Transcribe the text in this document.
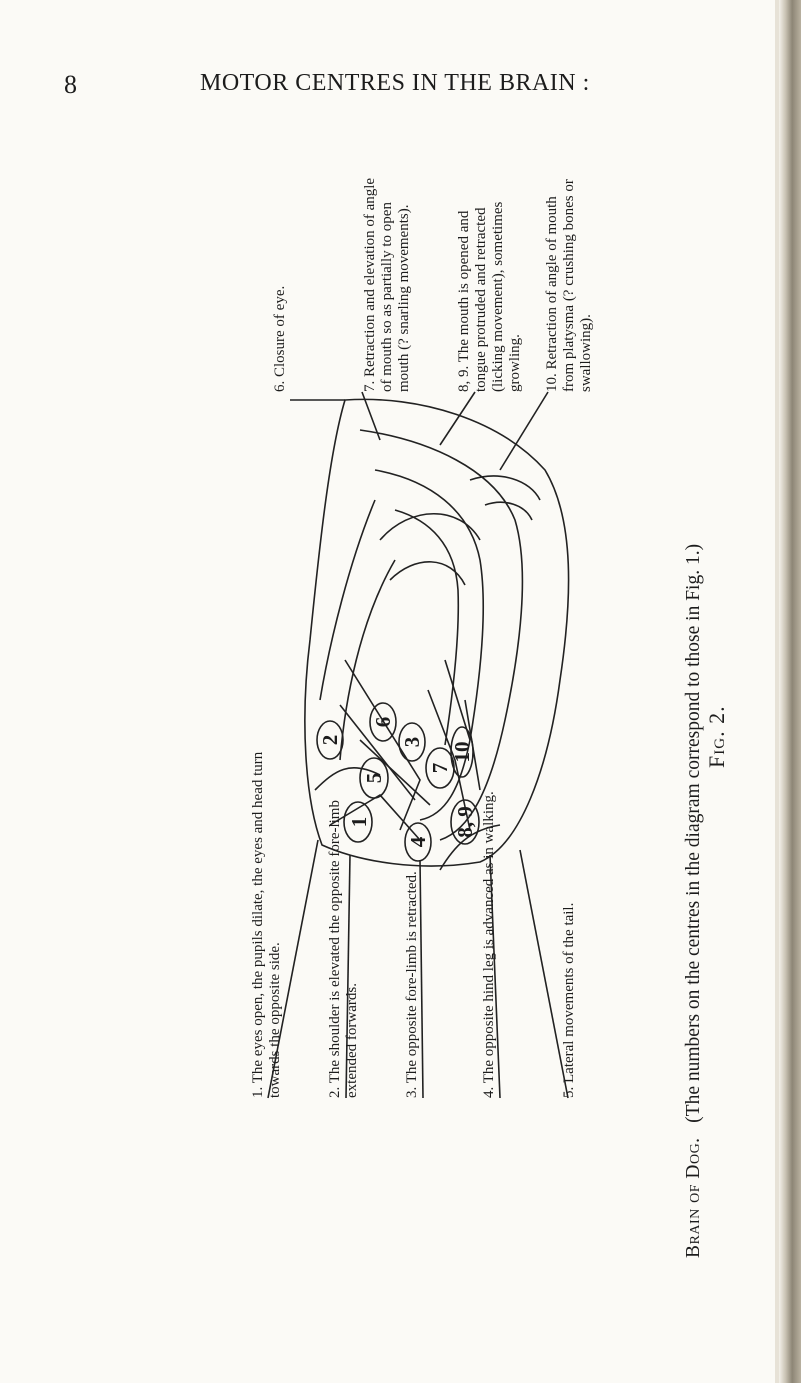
8	MOTOR CENTRES IN THE BRAIN :
Fig. 2.

1. The eyes open, the pupils dilate, the eyes and head turn towards the opposite side.	2. The shoulder is elevated the opposite fore-limb extended forwards.	3. The opposite fore-limb is retracted.	4. The opposite hind leg is advanced as in walking.	5. Lateral movements of the tail.

6. Closure of eye.	7. Retraction and elevation of angle of mouth so as partially to open mouth (? snarling movements).	8, 9. The mouth is opened and tongue protruded and retracted (licking movement), sometimes growling. 10. Retraction of angle of mouth from platysma (? crushing bones or swallowing).

Brain of Dog.   (The numbers on the centres in the diagram correspond to those in Fig. 1.)
1
2	3
4
5
6
7
8, 9
10
